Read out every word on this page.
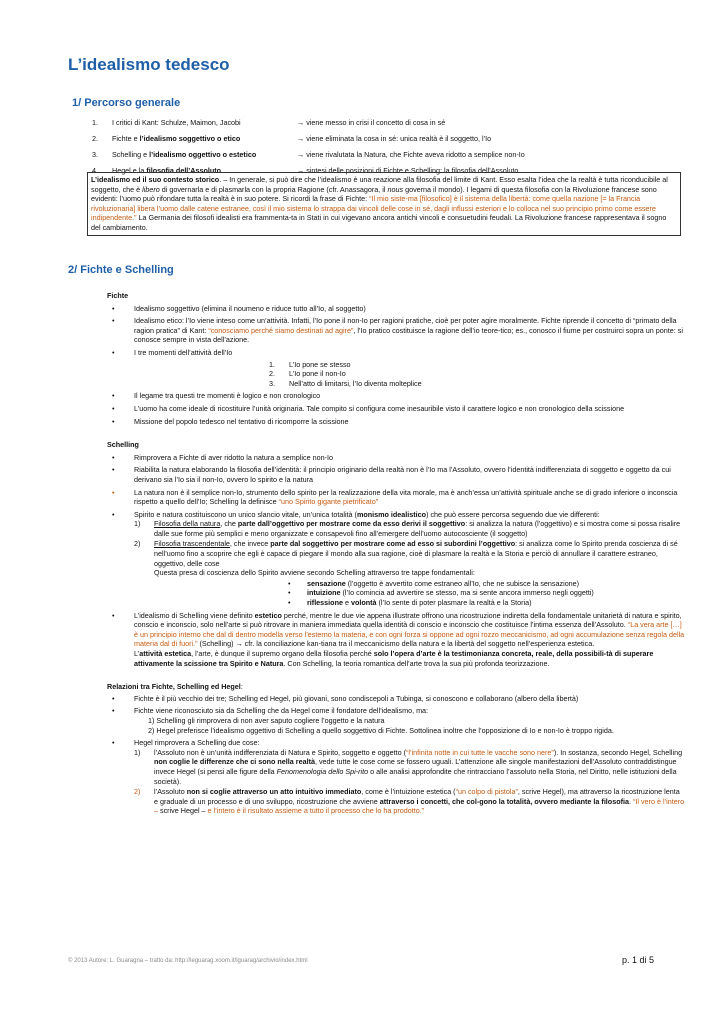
L’idealismo tedesco
1/ Percorso generale
1.	I critici di Kant: Schulze, Maimon, Jacobi	→ viene messo in crisi il concetto di cosa in sé
2.	Fichte e l’idealismo soggettivo o etico	→ viene eliminata la cosa in sé: unica realtà è il soggetto, l’Io
3.	Schelling e l’idealismo oggettivo o estetico	→ viene rivalutata la Natura, che Fichte aveva ridotto a semplice non-Io
4.	Hegel e la filosofia dell’Assoluto	→ sintesi delle posizioni di Fichte e Schelling: la filosofia dell’Assoluto
L’idealismo ed il suo contesto storico. – In generale, si può dire che l’idealismo è una reazione alla filosofia del limite di Kant. Esso esalta l’idea che la realtà è tutta riconducibile al soggetto, che è libero di governarla e di plasmarla con la propria Ragione (cfr. Anassagora, il nous governa il mondo). I legami di questa filosofia con la Rivoluzione francese sono evidenti: l’uomo può rifondare tutta la realtà è in suo potere. Si ricordi la frase di Fichte: “Il mio siste-ma [filosofico] è il sistema della libertà: come quella nazione [= la Francia rivoluzionaria] libera l’uomo dalle catene estranee, così il mio sistema lo strappa dai vincoli delle cose in sé, dagli influssi esteriori e lo colloca nel suo principio primo come essere indipendente.” La Germania dei filosofi idealisti era frammenta-ta in Stati in cui vigevano ancora antichi vincoli e consuetudini feudali. La Rivoluzione francese rappresentava il sogno del cambiamento.
2/ Fichte e Schelling

Fichte

• Idealismo soggettivo (elimina il noumeno e riduce tutto all’Io, al soggetto)
• Idealismo etico: l’Io viene inteso come un’attività. Infatti, l’Io pone il non-Io per ragioni pratiche, cioè per poter agire moralmente. Fichte riprende il concetto di “primato della ragion pratica” di Kant: “conosciamo perché siamo destinati ad agire”, l’Io pratico costituisce la ragione dell’io teore-tico; es., conosco il fiume per costruirci sopra un ponte: si conosce sempre in vista dell’azione.
• I tre momenti dell’attività dell’Io
1. L’Io pone se stesso
2. L’Io pone il non-Io
3. Nell’atto di limitarsi, l’Io diventa molteplice
• Il legame tra questi tre momenti è logico e non cronologico
• L’uomo ha come ideale di ricostituire l’unità originaria. Tale compito si configura come inesauribile visto il carattere logico e non cronologico della scissione
• Missione del popolo tedesco nel tentativo di ricomporre la scissione

Schelling

• Rimprovera a Fichte di aver ridotto la natura a semplice non-Io
• Riabilita la natura elaborando la filosofia dell’identità: il principio originario della realtà non è l’Io ma l’Assoluto, ovvero l’identità indifferenziata di soggetto e oggetto da cui derivano sia l’Io sia il non-Io, ovvero lo spirito e la natura
• La natura non è il semplice non-Io, strumento dello spirito per la realizzazione della vita morale, ma è anch’essa un’attività spirituale anche se di grado inferiore o inconscia rispetto a quello dell’Io; Schelling la definisce “uno Spirito gigante pietrificato”
• Spirito e natura costituiscono un unico slancio vitale, un’unica totalità (monismo idealistico) che può essere percorsa seguendo due vie differenti:
1) Filosofia della natura, che parte dall’oggettivo per mostrare come da esso derivi il soggettivo: si analizza la natura (l’oggettivo) e si mostra come si possa risalire dalle sue forme più semplici e meno organizzate e consapevoli fino all’emergere dell’uomo autocosciente (il soggetto)
2) Filosofia trascendentale, che invece parte dal soggettivo per mostrare come ad esso si subordini l’oggettivo: si analizza come lo Spirito prenda coscienza di sé nell’uomo fino a scoprire che egli è capace di piegare il mondo alla sua ragione, cioè di plasmare la realtà e la Storia e perciò di annullare il carattere estraneo, oggettivo, delle cose
Questa presa di coscienza dello Spirito avviene secondo Schelling attraverso tre tappe fondamentali:
• sensazione (l’oggetto è avvertito come estraneo all’Io, che ne subisce la sensazione)
• intuizione (l’Io comincia ad avvertire se stesso, ma si sente ancora immerso negli oggetti)
• riflessione e volontà (l’Io sente di poter plasmare la realtà e la Storia)
• L’idealismo di Schelling viene definito estetico perché, mentre le due vie appena illustrate offrono una ricostruzione indiretta della fondamentale unitarietà di natura e spirito, conscio e inconscio, solo nell’arte si può ritrovare in maniera immediata quella identità di conscio e inconscio che costituisce l’intima essenza dell’Assoluto. “La vera arte […] è un principio interno che dal di dentro modella verso l’esterno la materia, e con ogni forza si oppone ad ogni rozzo meccanicismo, ad ogni accumulazione senza regola della materia dal di fuori.” (Schelling) → cfr. la conciliazione kan-tiana tra il meccanicismo della natura e la libertà del soggetto nell’esperienza estetica.
L’attività estetica, l’arte, è dunque il supremo organo della filosofia perché solo l’opera d’arte è la testimonianza concreta, reale, della possibili-tà di superare attivamente la scissione tra Spirito e Natura. Con Schelling, la teoria romantica dell’arte trova la sua più profonda teorizzazione.

Relazioni tra Fichte, Schelling ed Hegel:

• Fichte è il più vecchio dei tre; Schelling ed Hegel, più giovani, sono condiscepoli a Tubinga, si conoscono e collaborano (albero della libertà)
• Fichte viene riconosciuto sia da Schelling che da Hegel come il fondatore dell’idealismo, ma:
1) Schelling gli rimprovera di non aver saputo cogliere l’oggetto e la natura
2) Hegel preferisce l’idealismo oggettivo di Schelling a quello soggettivo di Fichte. Sottolinea inoltre che l’opposizione di Io e non-Io è troppo rigida.
• Hegel rimprovera a Schelling due cose:
1) l’Assoluto non è un’unità indifferenziata di Natura e Spirito, soggetto e oggetto (“l’infinita notte in cui tutte le vacche sono nere”). In sostanza, secondo Hegel, Schelling non coglie le differenze che ci sono nella realtà, vede tutte le cose come se fossero uguali. L’attenzione alle singole manifestazioni dell’Assoluto contraddistingue invece Hegel (si pensi alle figure della Fenomenologia dello Spi-rito o alle analisi approfondite che rintracciano l’assoluto nella Storia, nel Diritto, nelle istituzioni della società).
2) l’Assoluto non si coglie attraverso un atto intuitivo immediato, come è l’intuizione estetica (“un colpo di pistola”, scrive Hegel), ma attraverso la ricostruzione lenta e graduale di un processo e di uno sviluppo, ricostruzione che avviene attraverso i concetti, che col-gono la totalità, ovvero mediante la filosofia. “Il vero è l’intero – scrive Hegel – e l’intero è il risultato assieme a tutto il processo che lo ha prodotto.”
© 2013 Autore: L. Guaragna – tratto da: http://leguarag.xoom.it/lguarag/archivio/index.html	p. 1 di 5
